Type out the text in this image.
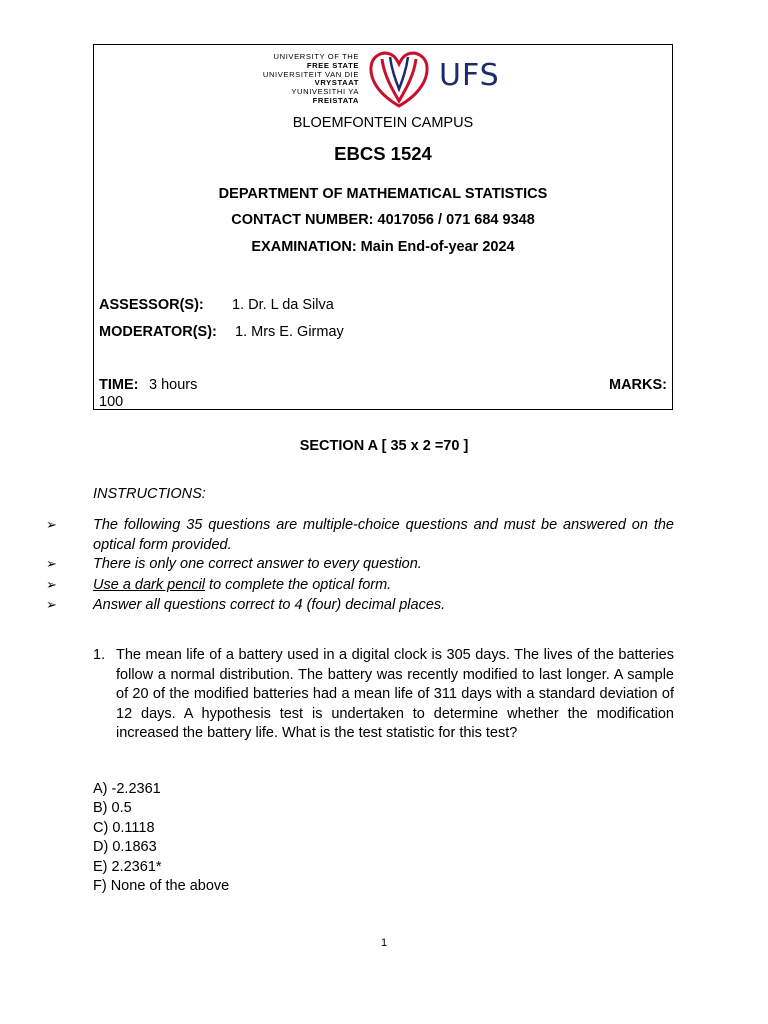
UNIVERSITY OF THE
FREE STATE
UNIVERSITEIT VAN DIE
VRYSTAAT
YUNIVESITHI YA
FREISTATA
UFS
BLOEMFONTEIN CAMPUS
EBCS 1524
DEPARTMENT OF MATHEMATICAL STATISTICS
CONTACT NUMBER: 4017056 / 071 684 9348
EXAMINATION: Main End-of-year 2024
ASSESSOR(S): 1. Dr. L da Silva
MODERATOR(S): 1. Mrs E. Girmay
TIME: 3 hours	MARKS:
100
SECTION A [ 35 x 2 =70 ]
INSTRUCTIONS:
➢ The following 35 questions are multiple-choice questions and must be answered on the optical form provided.
➢ There is only one correct answer to every question.
➢ Use a dark pencil to complete the optical form.
➢ Answer all questions correct to 4 (four) decimal places.
1. The mean life of a battery used in a digital clock is 305 days. The lives of the batteries follow a normal distribution. The battery was recently modified to last longer. A sample of 20 of the modified batteries had a mean life of 311 days with a standard deviation of 12 days. A hypothesis test is undertaken to determine whether the modification increased the battery life. What is the test statistic for this test?
A) -2.2361
B) 0.5
C) 0.1118
D) 0.1863
E) 2.2361*
F) None of the above
1
